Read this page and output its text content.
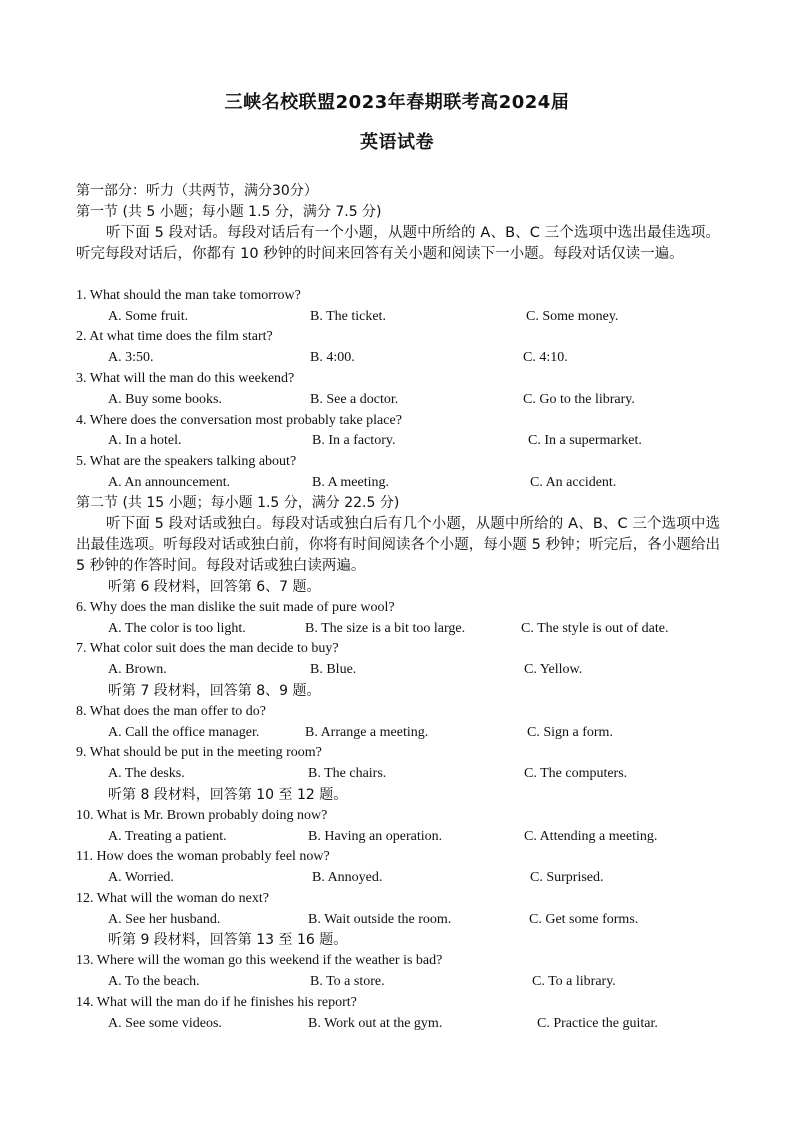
三峡名校联盟2023年春期联考高2024届
英语试卷
第一部分：听力（共两节，满分30分）
第一节 (共 5 小题；每小题 1.5 分，满分 7.5 分)
听下面 5 段对话。每段对话后有一个小题，从题中所给的 A、B、C 三个选项中选出最佳选项。听完每段对话后，你都有 10 秒钟的时间来回答有关小题和阅读下一小题。每段对话仅读一遍。
1. What should the man take tomorrow?
A. Some fruit.	B. The ticket.	C. Some money.
2. At what time does the film start?
A. 3:50.	B. 4:00.	C. 4:10.
3. What will the man do this weekend?
A. Buy some books.	B. See a doctor.	C. Go to the library.
4. Where does the conversation most probably take place?
A. In a hotel.	B. In a factory.	C. In a supermarket.
5. What are the speakers talking about?
A. An announcement.	B. A meeting.	C. An accident.
第二节 (共 15 小题；每小题 1.5 分，满分 22.5 分)
听下面 5 段对话或独白。每段对话或独白后有几个小题，从题中所给的 A、B、C 三个选项中选出最佳选项。听每段对话或独白前，你将有时间阅读各个小题，每小题 5 秒钟；听完后，各小题给出 5 秒钟的作答时间。每段对话或独白读两遍。
听第 6 段材料，回答第 6、7 题。
6. Why does the man dislike the suit made of pure wool?
A. The color is too light.	B. The size is a bit too large.	C. The style is out of date.
7. What color suit does the man decide to buy?
A. Brown.	B. Blue.	C. Yellow.
听第 7 段材料，回答第 8、9 题。
8. What does the man offer to do?
A. Call the office manager.	B. Arrange a meeting.	C. Sign a form.
9. What should be put in the meeting room?
A. The desks.	B. The chairs.	C. The computers.
听第 8 段材料，回答第 10 至 12 题。
10. What is Mr. Brown probably doing now?
A. Treating a patient.	B. Having an operation.	C. Attending a meeting.
11. How does the woman probably feel now?
A. Worried.	B. Annoyed.	C. Surprised.
12. What will the woman do next?
A. See her husband.	B. Wait outside the room.	C. Get some forms.
听第 9 段材料，回答第 13 至 16 题。
13. Where will the woman go this weekend if the weather is bad?
A. To the beach.	B. To a store.	C. To a library.
14. What will the man do if he finishes his report?
A. See some videos.	B. Work out at the gym.	C. Practice the guitar.
